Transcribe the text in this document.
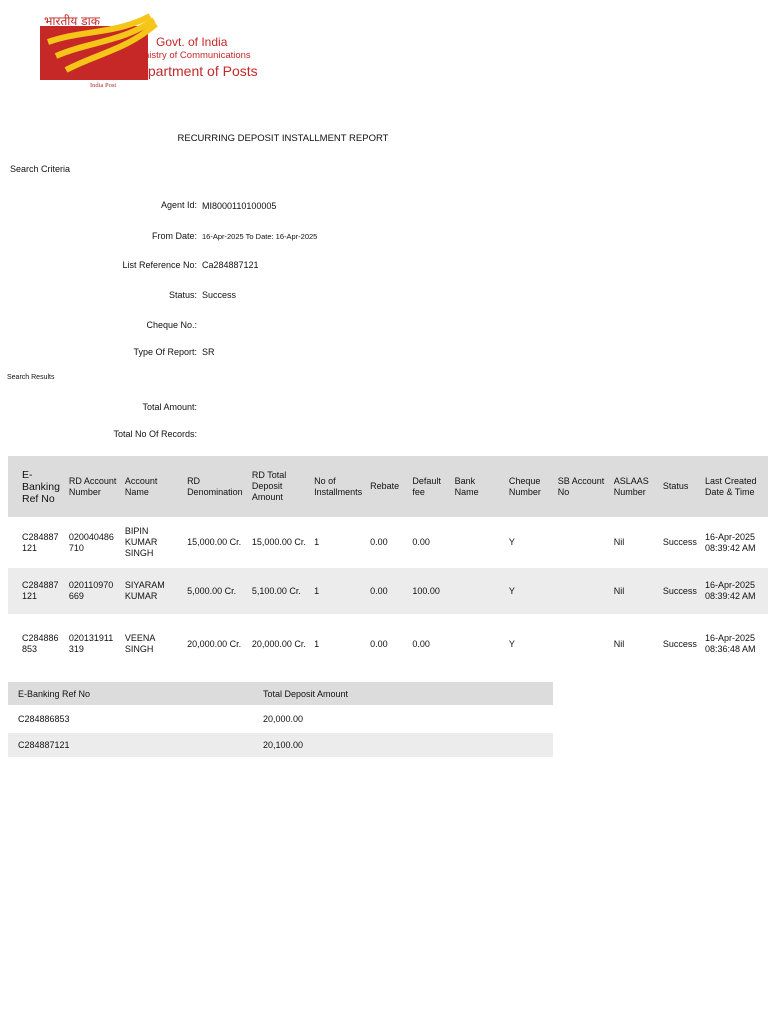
भारतीय डाक
Govt. of India
Ministry of Communications
Department of Posts
India Post
RECURRING DEPOSIT INSTALLMENT REPORT
Search Criteria
Agent Id: MI8000110100005
From Date: 16-Apr-2025 To Date: 16-Apr-2025
List Reference No: Ca284887121
Status: Success
Cheque No.:
Type Of Report: SR
Search Results
Total Amount:
Total No Of Records:
E-Banking Ref No	RD Account Number	Account Name	RD Denomination	RD Total Deposit Amount	No of Installments	Rebate	Default fee	Bank Name	Cheque Number	SB Account No	ASLAAS Number	Status	Last Created Date & Time
C284887121	020040486710	BIPIN KUMAR SINGH	15,000.00 Cr.	15,000.00 Cr.	1	0.00	0.00		Y		Nil	Success	16-Apr-2025 08:39:42 AM
C284887121	020110970669	SIYARAM KUMAR	5,000.00 Cr.	5,100.00 Cr.	1	0.00	100.00		Y		Nil	Success	16-Apr-2025 08:39:42 AM
C284886853	020131911319	VEENA SINGH	20,000.00 Cr.	20,000.00 Cr.	1	0.00	0.00		Y		Nil	Success	16-Apr-2025 08:36:48 AM
E-Banking Ref No	Total Deposit Amount
C284886853	20,000.00
C284887121	20,100.00
